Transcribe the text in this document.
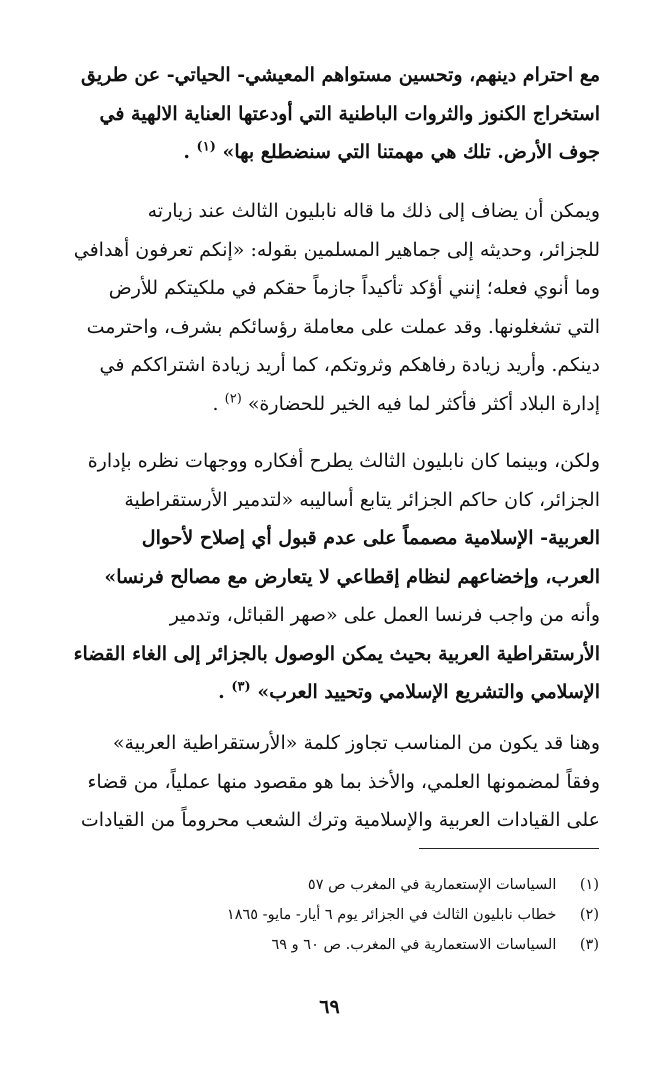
مع احترام دينهم، وتحسين مستواهم المعيشي- الحياتي- عن طريق
استخراج الكنوز والثروات الباطنية التي أودعتها العناية الالهية في
جوف الأرض. تلك هي مهمتنا التي سنضطلع بها» $^{(١)}$ .

ويمكن أن يضاف إلى ذلك ما قاله نابليون الثالث عند زيارته
للجزائر، وحديثه إلى جماهير المسلمين بقوله: «إنكم تعرفون أهدافي
وما أنوي فعله؛ إنني أؤكد تأكيداً جازماً حقكم في ملكيتكم للأرض
التي تشغلونها. وقد عملت على معاملة رؤسائكم بشرف، واحترمت
دينكم. وأريد زيادة رفاهكم وثروتكم، كما أريد زيادة اشتراككم في
إدارة البلاد أكثر فأكثر لما فيه الخير للحضارة» $^{(٢)}$ .

ولكن، وبينما كان نابليون الثالث يطرح أفكاره ووجهات نظره بإدارة
الجزائر، كان حاكم الجزائر يتابع أساليبه «لتدمير الأرستقراطية
العربية- الإسلامية مصمماً على عدم قبول أي إصلاح لأحوال
العرب، وإخضاعهم لنظام إقطاعي لا يتعارض مع مصالح فرنسا»
وأنه من واجب فرنسا العمل على «صهر القبائل، وتدمير
الأرستقراطية العربية بحيث يمكن الوصول بالجزائر إلى الغاء القضاء
الإسلامي والتشريع الإسلامي وتحييد العرب» $^{(٣)}$ .

وهنا قد يكون من المناسب تجاوز كلمة «الأرستقراطية العربية»
وفقاً لمضمونها العلمي، والأخذ بما هو مقصود منها عملياً، من قضاء
على القيادات العربية والإسلامية وترك الشعب محروماً من القيادات

(١) السياسات الإستعمارية في المغرب ص ٥٧
(٢) خطاب نابليون الثالث في الجزائر يوم ٦ أيار- مايو- ١٨٦٥
(٣) السياسات الاستعمارية في المغرب. ص ٦٠ و ٦٩
٦٩
